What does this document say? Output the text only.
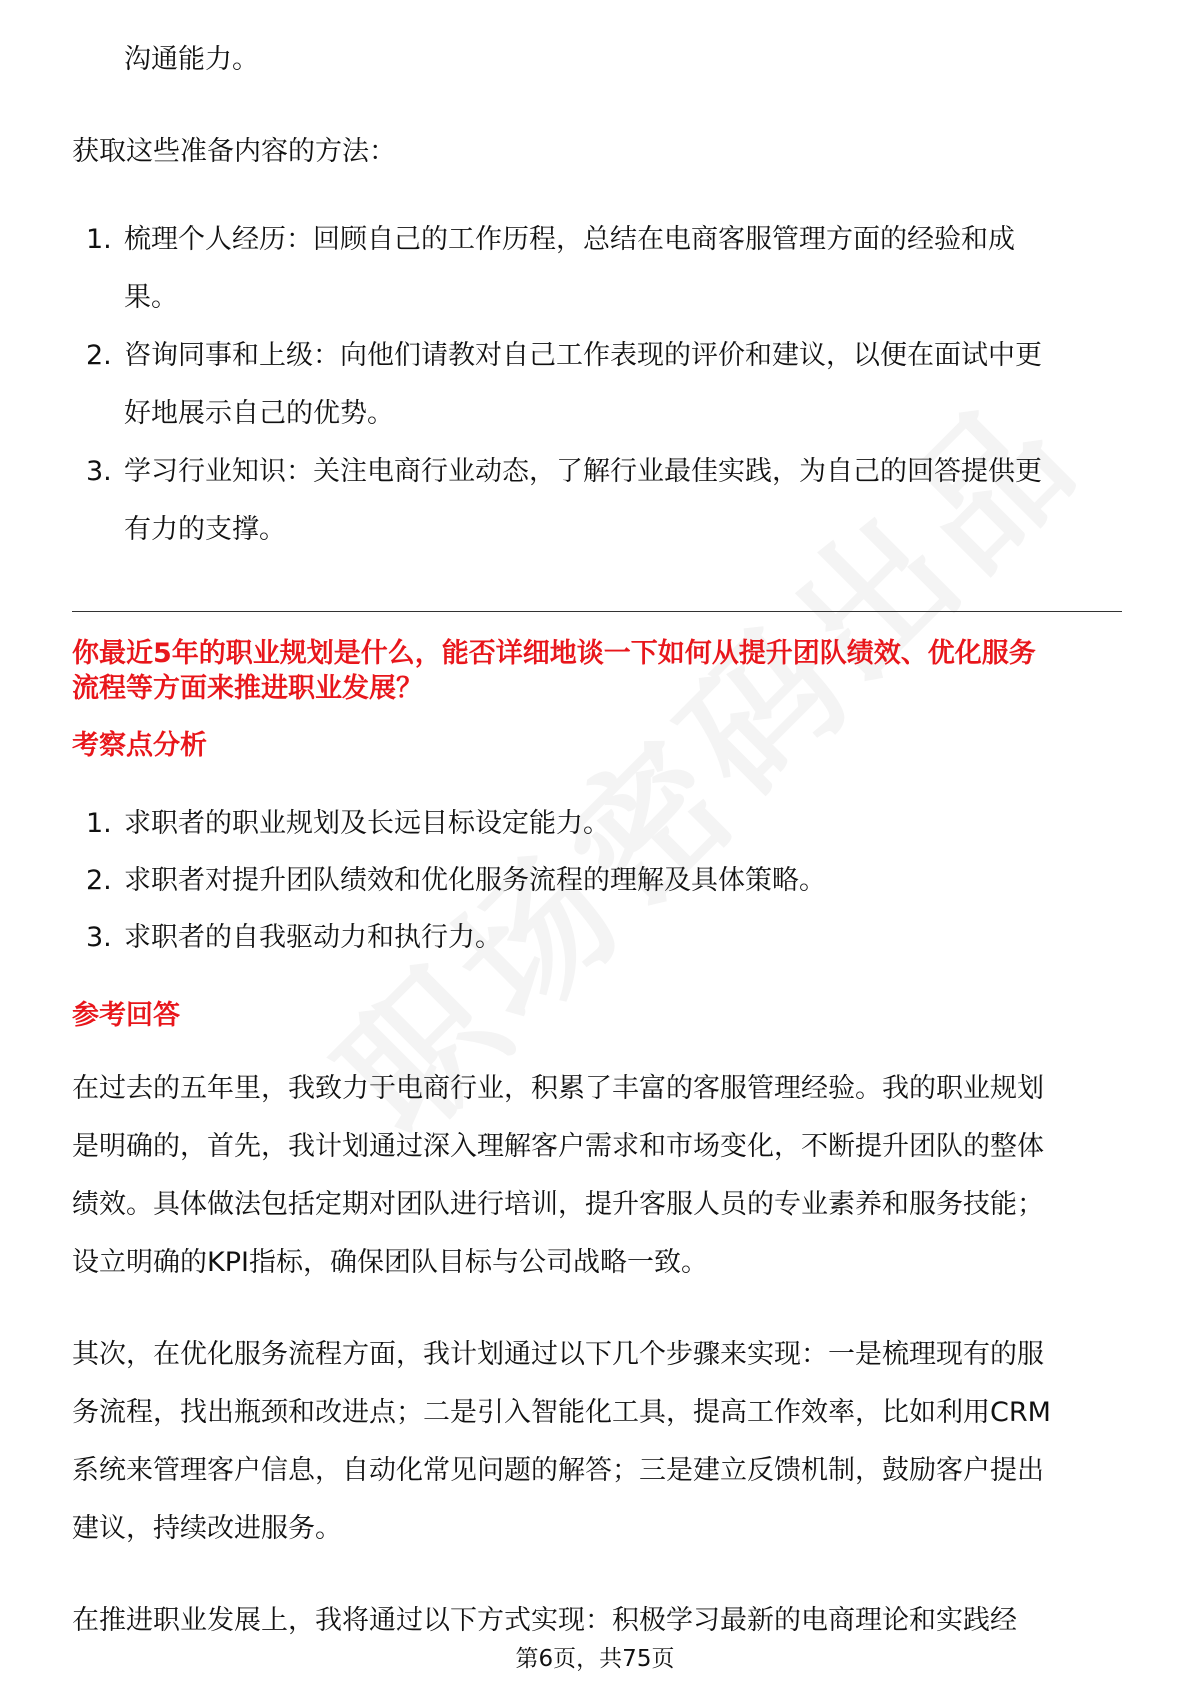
沟通能力。
获取这些准备内容的方法：
1. 梳理个人经历：回顾自己的工作历程，总结在电商客服管理方面的经验和成
果。
2. 咨询同事和上级：向他们请教对自己工作表现的评价和建议，以便在面试中更
好地展示自己的优势。
3. 学习行业知识：关注电商行业动态，了解行业最佳实践，为自己的回答提供更
有力的支撑。
你最近5年的职业规划是什么，能否详细地谈一下如何从提升团队绩效、优化服务
流程等方面来推进职业发展？
考察点分析
1. 求职者的职业规划及长远目标设定能力。
2. 求职者对提升团队绩效和优化服务流程的理解及具体策略。
3. 求职者的自我驱动力和执行力。
参考回答
在过去的五年里，我致力于电商行业，积累了丰富的客服管理经验。我的职业规划
是明确的，首先，我计划通过深入理解客户需求和市场变化，不断提升团队的整体
绩效。具体做法包括定期对团队进行培训，提升客服人员的专业素养和服务技能；
设立明确的KPI指标，确保团队目标与公司战略一致。
其次，在优化服务流程方面，我计划通过以下几个步骤来实现：一是梳理现有的服
务流程，找出瓶颈和改进点；二是引入智能化工具，提高工作效率，比如利用CRM
系统来管理客户信息，自动化常见问题的解答；三是建立反馈机制，鼓励客户提出
建议，持续改进服务。
在推进职业发展上，我将通过以下方式实现：积极学习最新的电商理论和实践经
第6页，共75页
